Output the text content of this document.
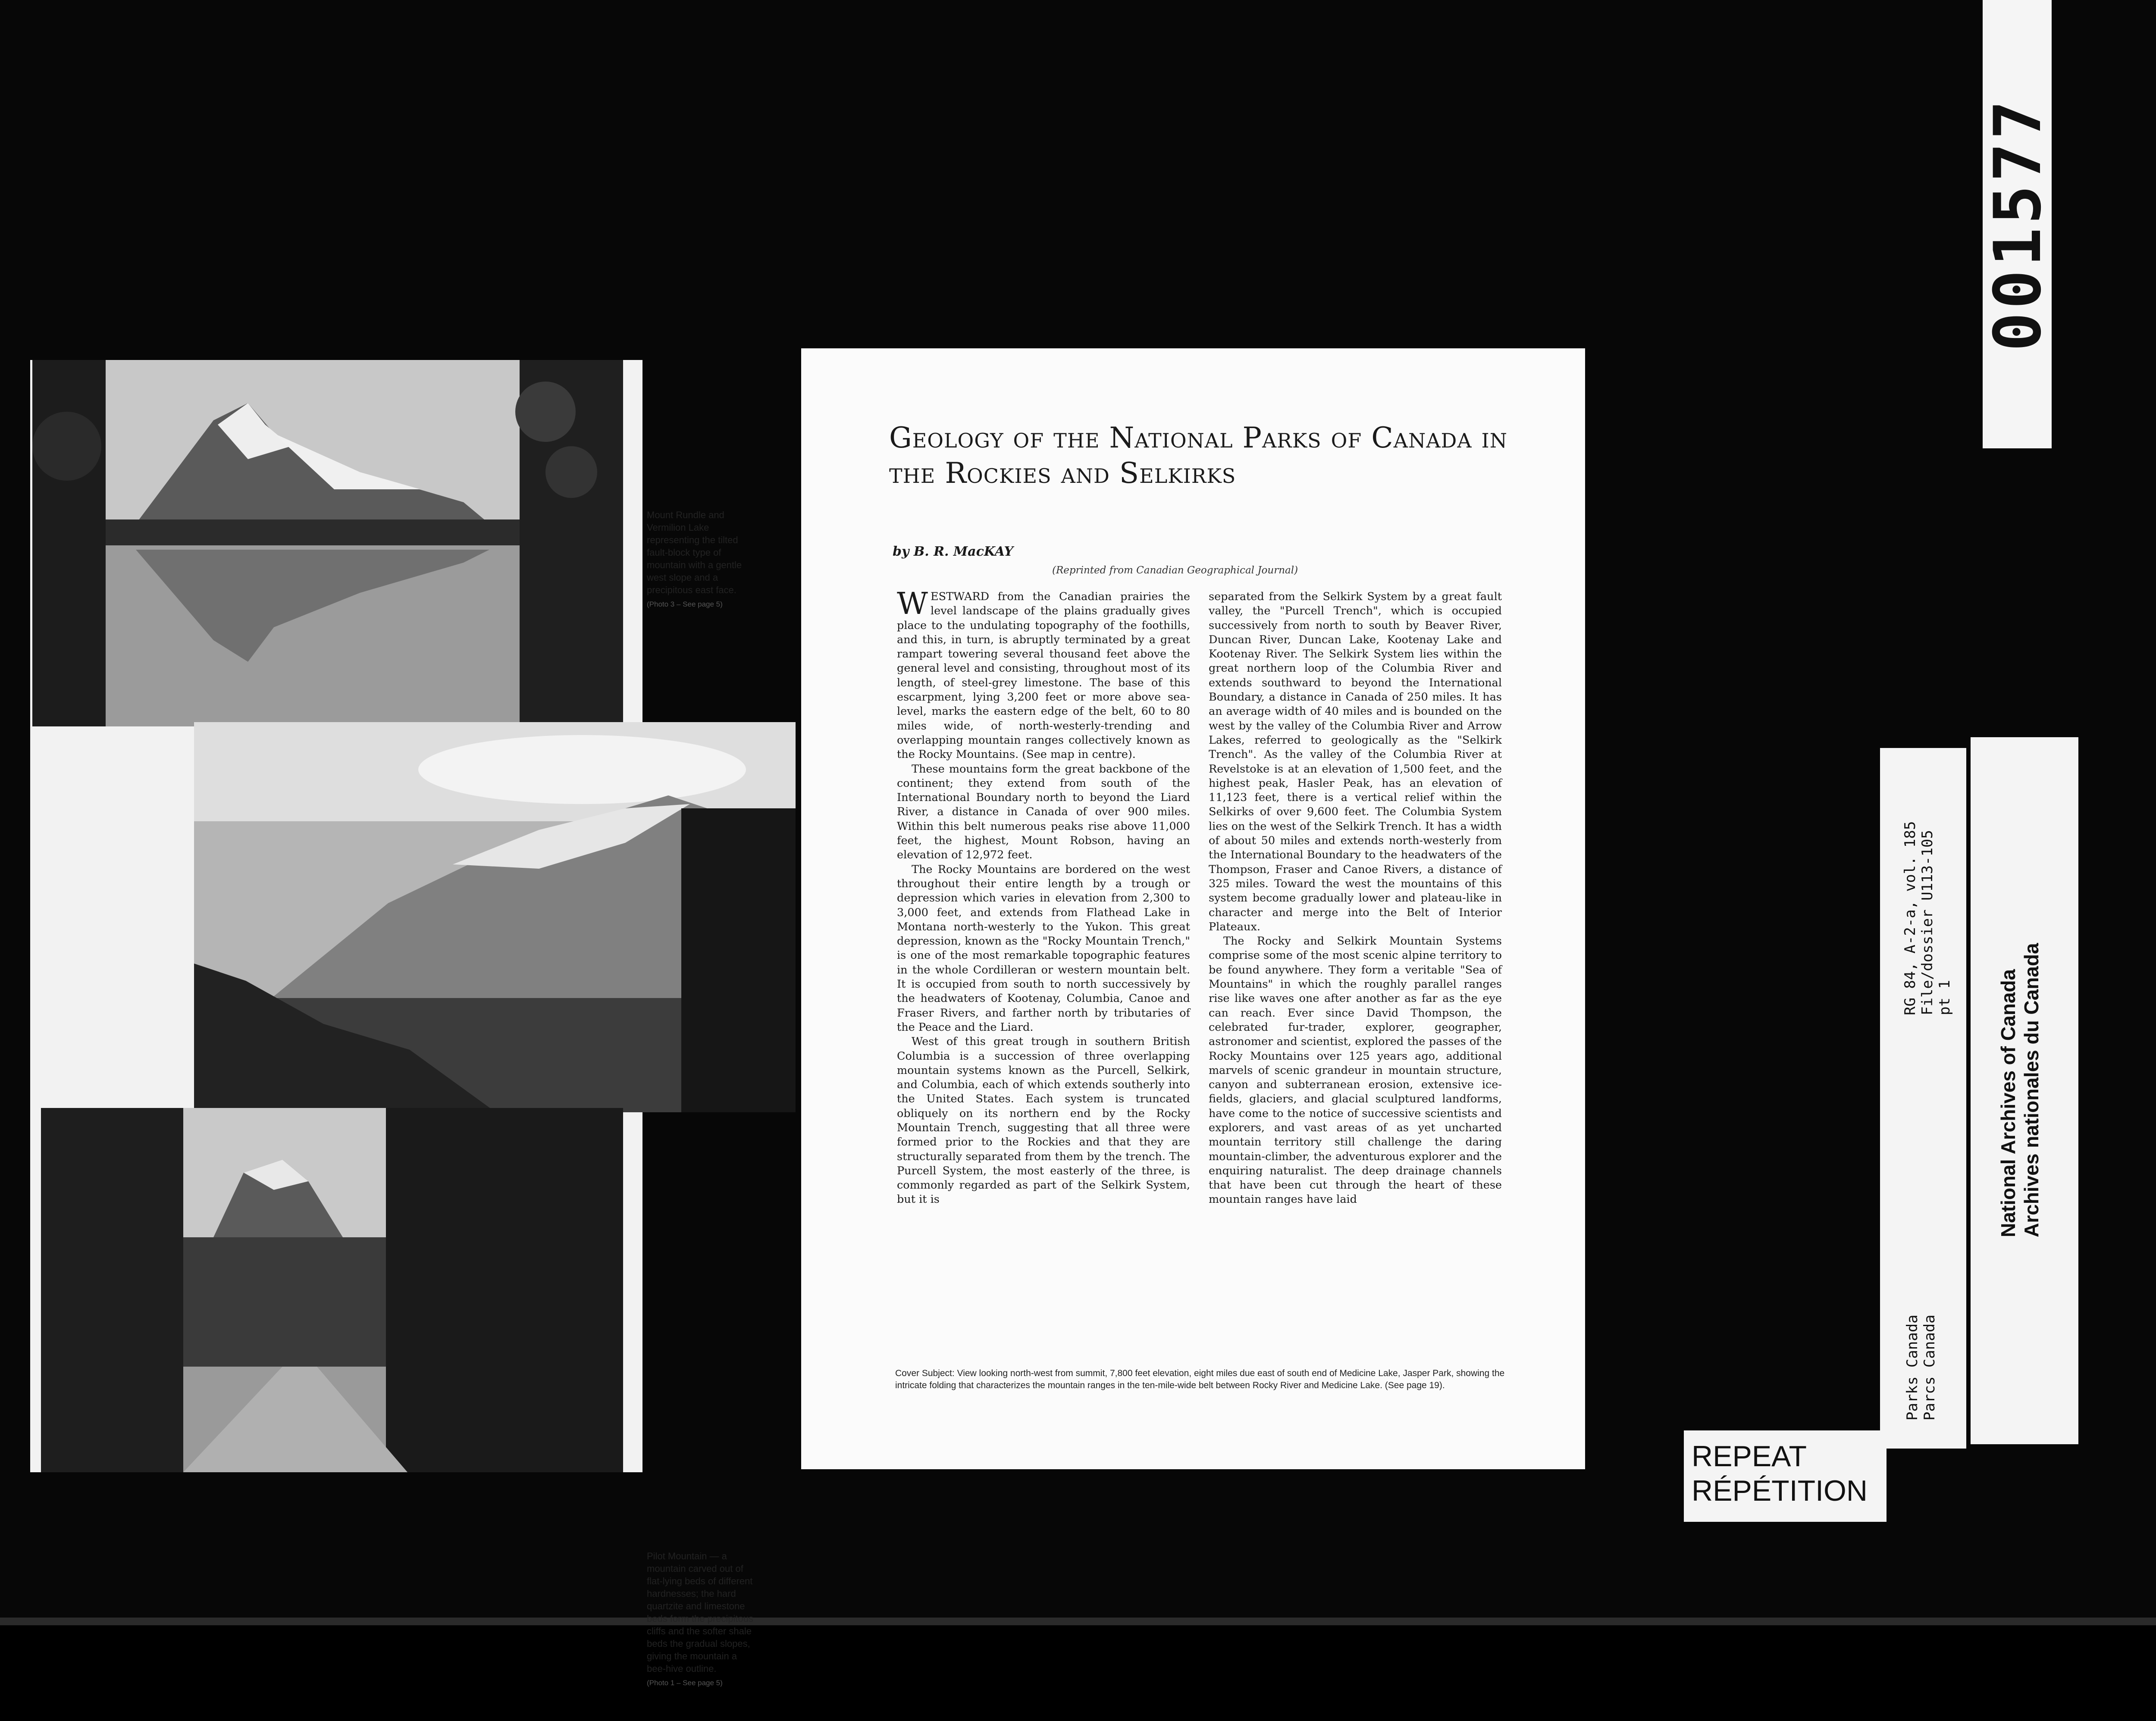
Mount Rundle and Vermilion Lake representing the tilted fault-block type of mountain with a gentle west slope and a precipitous east face.
(Photo 3 – See page 5)
Pilot Mountain — a mountain carved out of flat-lying beds of different hardnesses; the hard quartzite and limestone beds form the precipitous cliffs and the softer shale beds the gradual slopes, giving the mountain a bee-hive outline.
(Photo 1 – See page 5)
Geology of the National Parks of Canada in the Rockies and Selkirks
by B. R. MacKAY
(Reprinted from Canadian Geographical Journal)

WESTWARD from the Canadian prairies the level landscape of the plains gradually gives place to the undulating topography of the foothills, and this, in turn, is abruptly terminated by a great rampart towering several thousand feet above the general level and consisting, throughout most of its length, of steel-grey limestone. The base of this escarpment, lying 3,200 feet or more above sea-level, marks the eastern edge of the belt, 60 to 80 miles wide, of north-westerly-trending and overlapping mountain ranges collectively known as the Rocky Mountains. (See map in centre).

These mountains form the great backbone of the continent; they extend from south of the International Boundary north to beyond the Liard River, a distance in Canada of over 900 miles. Within this belt numerous peaks rise above 11,000 feet, the highest, Mount Robson, having an elevation of 12,972 feet.

The Rocky Mountains are bordered on the west throughout their entire length by a trough or depression which varies in elevation from 2,300 to 3,000 feet, and extends from Flathead Lake in Montana north-westerly to the Yukon. This great depression, known as the "Rocky Mountain Trench," is one of the most remarkable topographic features in the whole Cordilleran or western mountain belt. It is occupied from south to north successively by the headwaters of Kootenay, Columbia, Canoe and Fraser Rivers, and farther north by tributaries of the Peace and the Liard.

West of this great trough in southern British Columbia is a succession of three overlapping mountain systems known as the Purcell, Selkirk, and Columbia, each of which extends southerly into the United States. Each system is truncated obliquely on its northern end by the Rocky Mountain Trench, suggesting that all three were formed prior to the Rockies and that they are structurally separated from them by the trench. The Purcell System, the most easterly of the three, is commonly regarded as part of the Selkirk System, but it is

separated from the Selkirk System by a great fault valley, the "Purcell Trench", which is occupied successively from north to south by Beaver River, Duncan River, Duncan Lake, Kootenay Lake and Kootenay River. The Selkirk System lies within the great northern loop of the Columbia River and extends southward to beyond the International Boundary, a distance in Canada of 250 miles. It has an average width of 40 miles and is bounded on the west by the valley of the Columbia River and Arrow Lakes, referred to geologically as the "Selkirk Trench". As the valley of the Columbia River at Revelstoke is at an elevation of 1,500 feet, and the highest peak, Hasler Peak, has an elevation of 11,123 feet, there is a vertical relief within the Selkirks of over 9,600 feet. The Columbia System lies on the west of the Selkirk Trench. It has a width of about 50 miles and extends north-westerly from the International Boundary to the headwaters of the Thompson, Fraser and Canoe Rivers, a distance of 325 miles. Toward the west the mountains of this system become gradually lower and plateau-like in character and merge into the Belt of Interior Plateaux.

The Rocky and Selkirk Mountain Systems comprise some of the most scenic alpine territory to be found anywhere. They form a veritable "Sea of Mountains" in which the roughly parallel ranges rise like waves one after another as far as the eye can reach. Ever since David Thompson, the celebrated fur-trader, explorer, geographer, astronomer and scientist, explored the passes of the Rocky Mountains over 125 years ago, additional marvels of scenic grandeur in mountain structure, canyon and subterranean erosion, extensive ice-fields, glaciers, and glacial sculptured landforms, have come to the notice of successive scientists and explorers, and vast areas of as yet uncharted mountain territory still challenge the daring mountain-climber, the adventurous explorer and the enquiring naturalist. The deep drainage channels that have been cut through the heart of these mountain ranges have laid

Cover Subject: View looking north-west from summit, 7,800 feet elevation, eight miles due east of south end of Medicine Lake, Jasper Park, showing the intricate folding that characterizes the mountain ranges in the ten-mile-wide belt between Rocky River and Medicine Lake. (See page 19).
001577
Parks Canada Parcs Canada
RG 84, A-2-a, vol. 185 File/dossier U113-105 pt 1 National Archives of Canada Archives nationales du Canada
REPEAT
RÉPÉTITION
